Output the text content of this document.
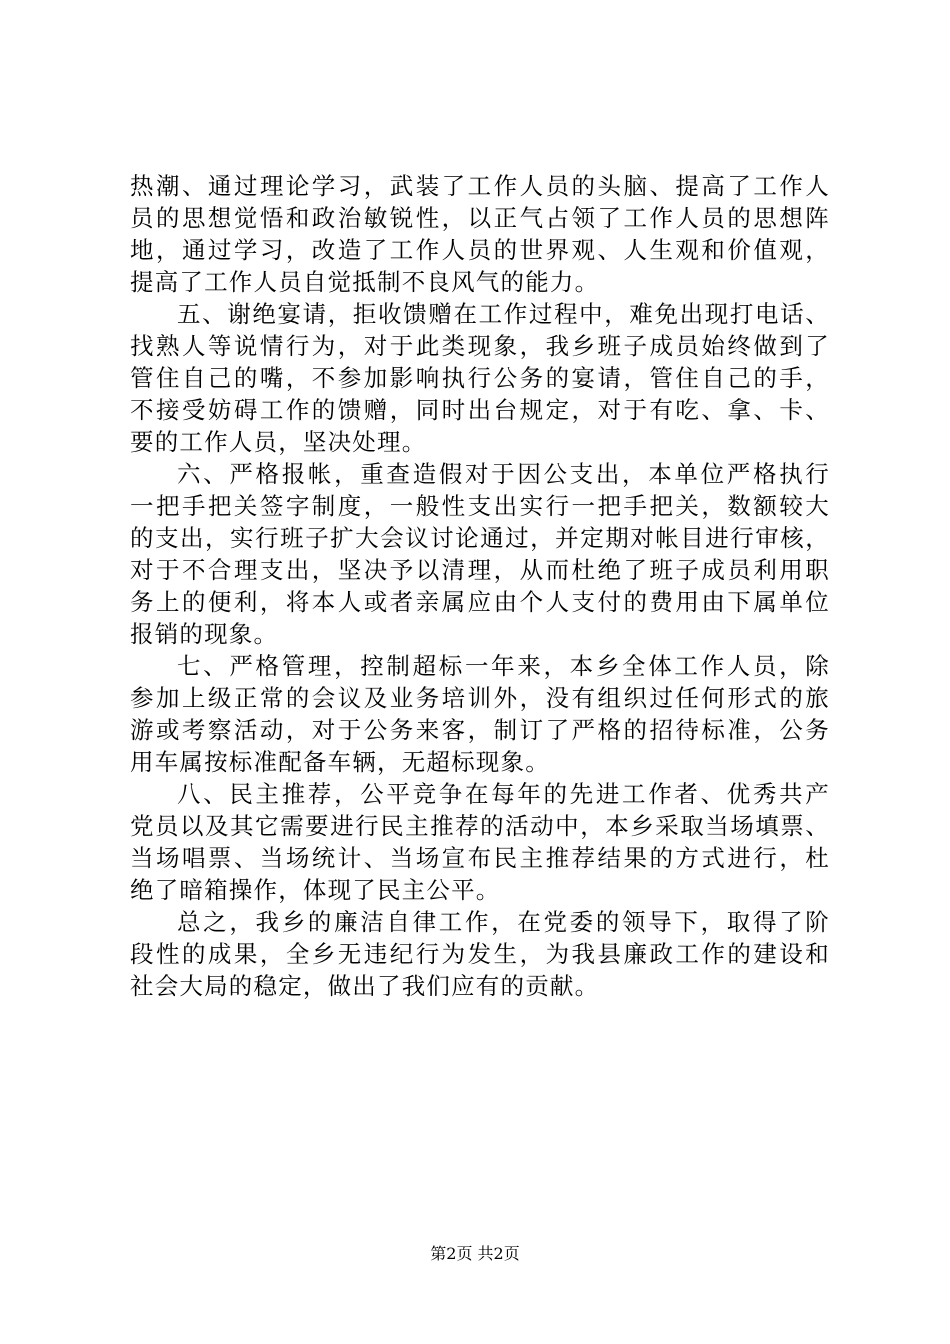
热潮、通过理论学习，武装了工作人员的头脑、提高了工作人
员的思想觉悟和政治敏锐性，以正气占领了工作人员的思想阵
地，通过学习，改造了工作人员的世界观、人生观和价值观，
提高了工作人员自觉抵制不良风气的能力。
五、谢绝宴请，拒收馈赠在工作过程中，难免出现打电话、
找熟人等说情行为，对于此类现象，我乡班子成员始终做到了
管住自己的嘴，不参加影响执行公务的宴请，管住自己的手，
不接受妨碍工作的馈赠，同时出台规定，对于有吃、拿、卡、
要的工作人员，坚决处理。
六、严格报帐，重查造假对于因公支出，本单位严格执行
一把手把关签字制度，一般性支出实行一把手把关，数额较大
的支出，实行班子扩大会议讨论通过，并定期对帐目进行审核，
对于不合理支出，坚决予以清理，从而杜绝了班子成员利用职
务上的便利，将本人或者亲属应由个人支付的费用由下属单位
报销的现象。
七、严格管理，控制超标一年来，本乡全体工作人员，除
参加上级正常的会议及业务培训外，没有组织过任何形式的旅
游或考察活动，对于公务来客，制订了严格的招待标准，公务
用车属按标准配备车辆，无超标现象。
八、民主推荐，公平竞争在每年的先进工作者、优秀共产
党员以及其它需要进行民主推荐的活动中，本乡采取当场填票、
当场唱票、当场统计、当场宣布民主推荐结果的方式进行，杜
绝了暗箱操作，体现了民主公平。
总之，我乡的廉洁自律工作，在党委的领导下，取得了阶
段性的成果，全乡无违纪行为发生，为我县廉政工作的建设和
社会大局的稳定，做出了我们应有的贡献。
第2页 共2页
